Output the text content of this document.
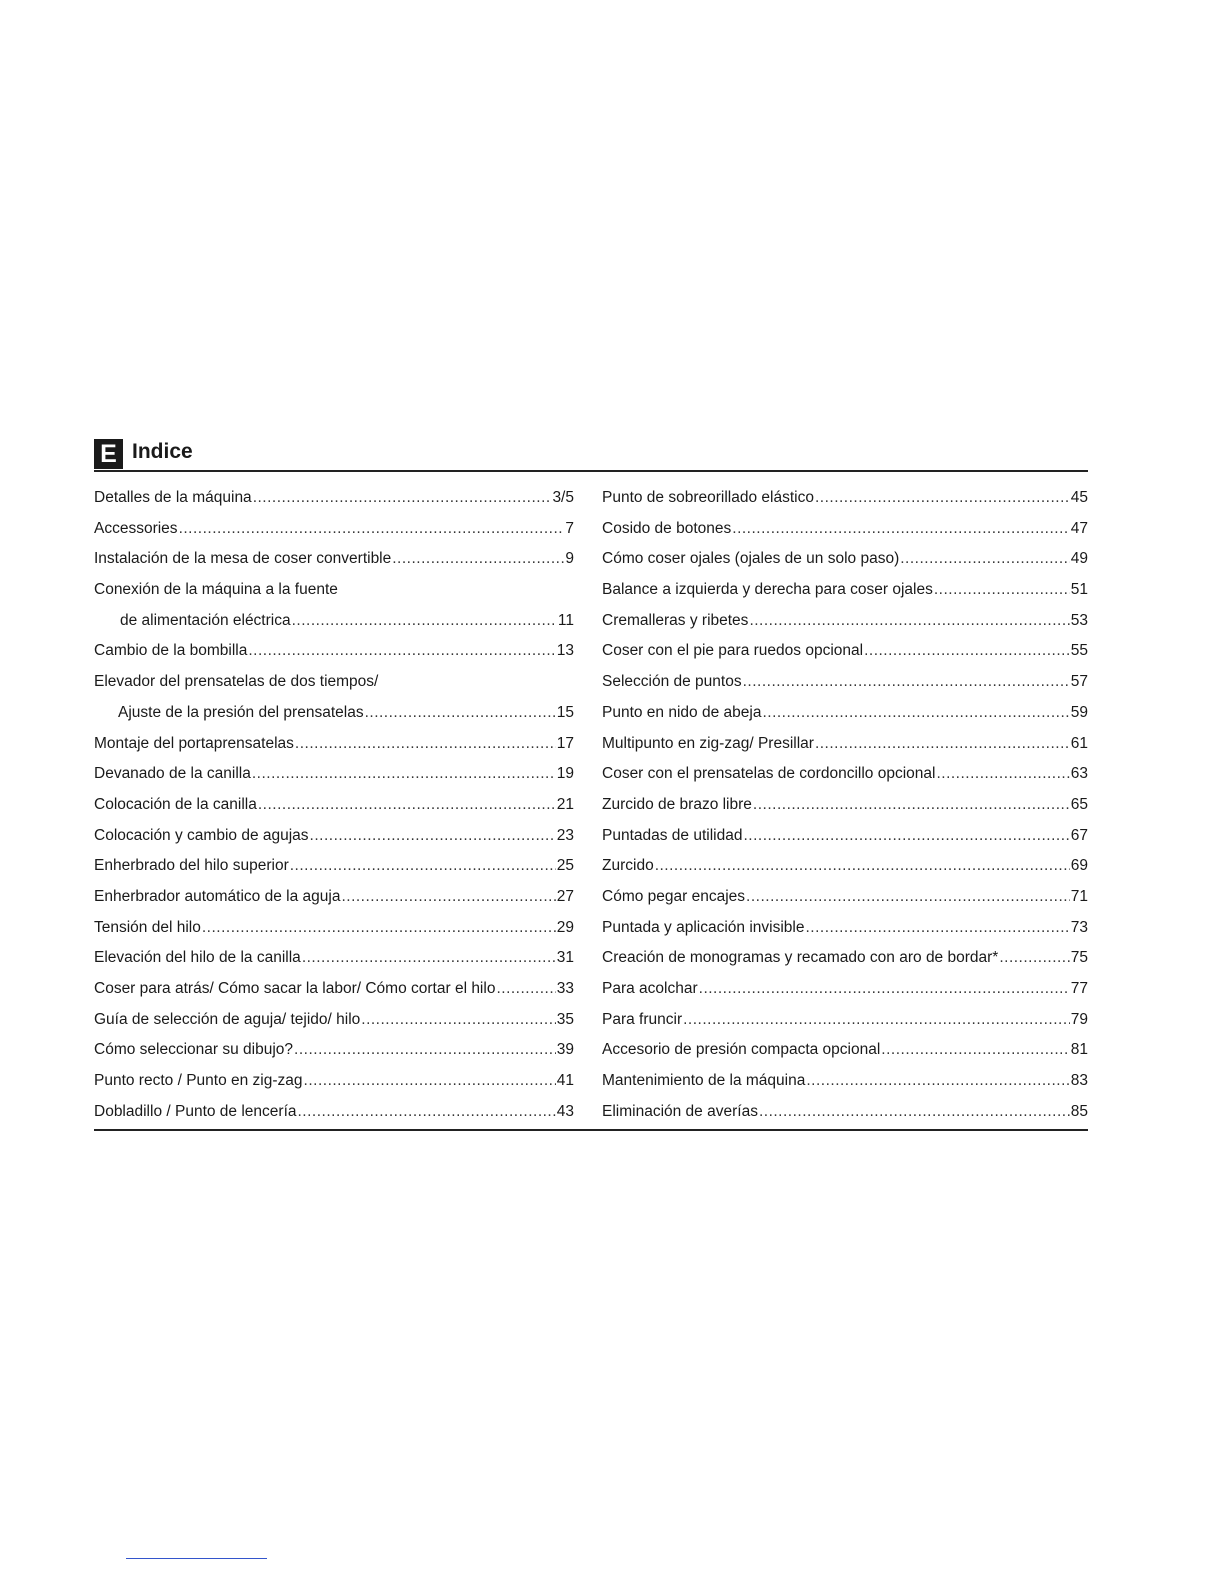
E Indice
Detalles de la máquina .....	3/5
Accessories .....	7
Instalación de la mesa de coser convertible .....	9
Conexión de la máquina a la fuente
de alimentación eléctrica .....	11
Cambio de la bombilla .....	13
Elevador del prensatelas de dos tiempos/
Ajuste de la presión del prensatelas .....	15
Montaje del portaprensatelas .....	17
Devanado de la canilla .....	19
Colocación de la canilla .....	21
Colocación y cambio de agujas .....	23
Enherbrado del hilo superior .....	25
Enherbrador automático de la aguja .....	27
Tensión del hilo .....	29
Elevación del hilo de la canilla .....	31
Coser para atrás/ Cómo sacar la labor/ Cómo cortar el hilo .....	33
Guía de selección de aguja/ tejido/ hilo .....	35
Cómo seleccionar su dibujo? .....	39
Punto recto / Punto en zig-zag .....	41
Dobladillo / Punto de lencería .....	43
Punto de sobreorillado elástico .....	45
Cosido de botones .....	47
Cómo coser ojales (ojales de un solo paso) .....	49
Balance a izquierda y derecha para coser ojales .....	51
Cremalleras y ribetes .....	53
Coser con el pie para ruedos opcional .....	55
Selección de puntos .....	57
Punto en nido de abeja .....	59
Multipunto en zig-zag/ Presillar .....	61
Coser con el prensatelas de cordoncillo opcional .....	63
Zurcido de brazo libre .....	65
Puntadas de utilidad .....	67
Zurcido .....	69
Cómo pegar encajes .....	71
Puntada y aplicación invisible .....	73
Creación de monogramas y recamado con aro de bordar* .....	75
Para acolchar .....	77
Para fruncir .....	79
Accesorio de presión compacta opcional .....	81
Mantenimiento de la máquina .....	83
Eliminación de averías .....	85
